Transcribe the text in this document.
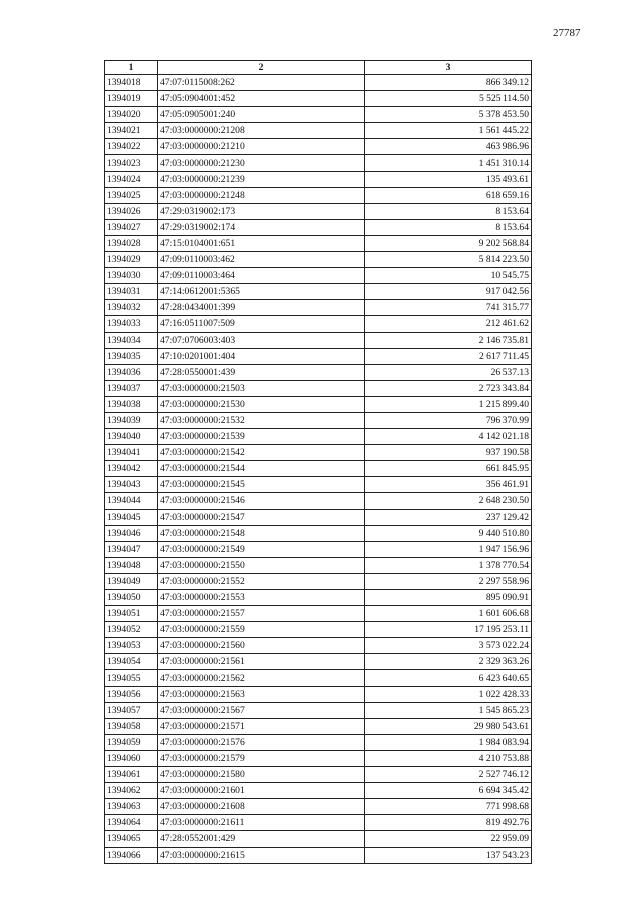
27787
1	2	3
1394018	47:07:0115008:262	866 349.12
1394019	47:05:0904001:452	5 525 114.50
1394020	47:05:0905001:240	5 378 453.50
1394021	47:03:0000000:21208	1 561 445.22
1394022	47:03:0000000:21210	463 986.96
1394023	47:03:0000000:21230	1 451 310.14
1394024	47:03:0000000:21239	135 493.61
1394025	47:03:0000000:21248	618 659.16
1394026	47:29:0319002:173	8 153.64
1394027	47:29:0319002:174	8 153.64
1394028	47:15:0104001:651	9 202 568.84
1394029	47:09:0110003:462	5 814 223.50
1394030	47:09:0110003:464	10 545.75
1394031	47:14:0612001:5365	917 042.56
1394032	47:28:0434001:399	741 315.77
1394033	47:16:0511007:509	212 461.62
1394034	47:07:0706003:403	2 146 735.81
1394035	47:10:0201001:404	2 617 711.45
1394036	47:28:0550001:439	26 537.13
1394037	47:03:0000000:21503	2 723 343.84
1394038	47:03:0000000:21530	1 215 899.40
1394039	47:03:0000000:21532	796 370.99
1394040	47:03:0000000:21539	4 142 021.18
1394041	47:03:0000000:21542	937 190.58
1394042	47:03:0000000:21544	661 845.95
1394043	47:03:0000000:21545	356 461.91
1394044	47:03:0000000:21546	2 648 230.50
1394045	47:03:0000000:21547	237 129.42
1394046	47:03:0000000:21548	9 440 510.80
1394047	47:03:0000000:21549	1 947 156.96
1394048	47:03:0000000:21550	1 378 770.54
1394049	47:03:0000000:21552	2 297 558.96
1394050	47:03:0000000:21553	895 090.91
1394051	47:03:0000000:21557	1 601 606.68
1394052	47:03:0000000:21559	17 195 253.11
1394053	47:03:0000000:21560	3 573 022.24
1394054	47:03:0000000:21561	2 329 363.26
1394055	47:03:0000000:21562	6 423 640.65
1394056	47:03:0000000:21563	1 022 428.33
1394057	47:03:0000000:21567	1 545 865.23
1394058	47:03:0000000:21571	29 980 543.61
1394059	47:03:0000000:21576	1 984 083.94
1394060	47:03:0000000:21579	4 210 753.88
1394061	47:03:0000000:21580	2 527 746.12
1394062	47:03:0000000:21601	6 694 345.42
1394063	47:03:0000000:21608	771 998.68
1394064	47:03:0000000:21611	819 492.76
1394065	47:28:0552001:429	22 959.09
1394066	47:03:0000000:21615	137 543.23
